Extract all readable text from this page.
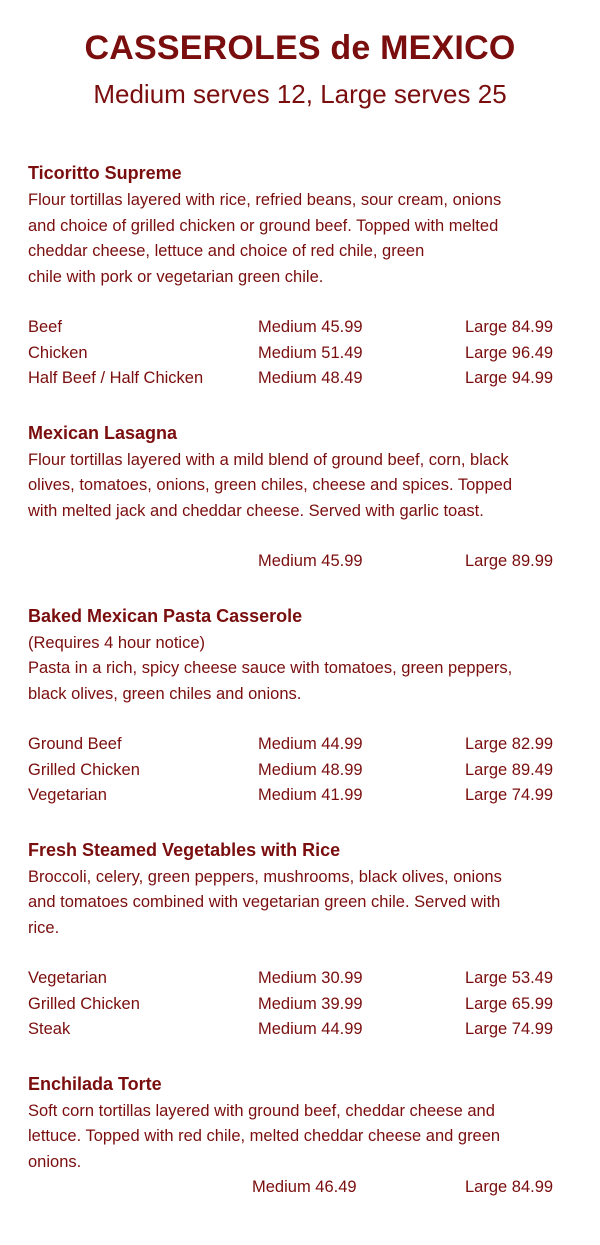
CASSEROLES de MEXICO

Medium serves 12, Large serves 25

Ticoritto Supreme

Flour tortillas layered with rice, refried beans, sour cream, onions

and choice of grilled chicken or ground beef. Topped with melted

cheddar cheese, lettuce and choice of red chile, green

chile with pork or vegetarian green chile.

Beef	Medium 45.99	Large 84.99
Chicken	Medium 51.49	Large 96.49
Half Beef / Half Chicken	Medium 48.49	Large 94.99
Mexican Lasagna

Flour tortillas layered with a mild blend of ground beef, corn, black

olives, tomatoes, onions, green chiles, cheese and spices. Topped

with melted jack and cheddar cheese. Served with garlic toast.

Medium 45.99	Large 89.99
Baked Mexican Pasta Casserole

(Requires 4 hour notice)

Pasta in a rich, spicy cheese sauce with tomatoes, green peppers,

black olives, green chiles and onions.

Ground Beef	Medium 44.99	Large 82.99
Grilled Chicken	Medium 48.99	Large 89.49
Vegetarian	Medium 41.99	Large 74.99
Fresh Steamed Vegetables with Rice

Broccoli, celery, green peppers, mushrooms, black olives, onions

and tomatoes combined with vegetarian green chile. Served with

rice.

Vegetarian	Medium 30.99	Large 53.49
Grilled Chicken	Medium 39.99	Large 65.99
Steak	Medium 44.99	Large 74.99
Enchilada Torte

Soft corn tortillas layered with ground beef, cheddar cheese and

lettuce. Topped with red chile, melted cheddar cheese and green

onions.

Medium 46.49	Large 84.99
